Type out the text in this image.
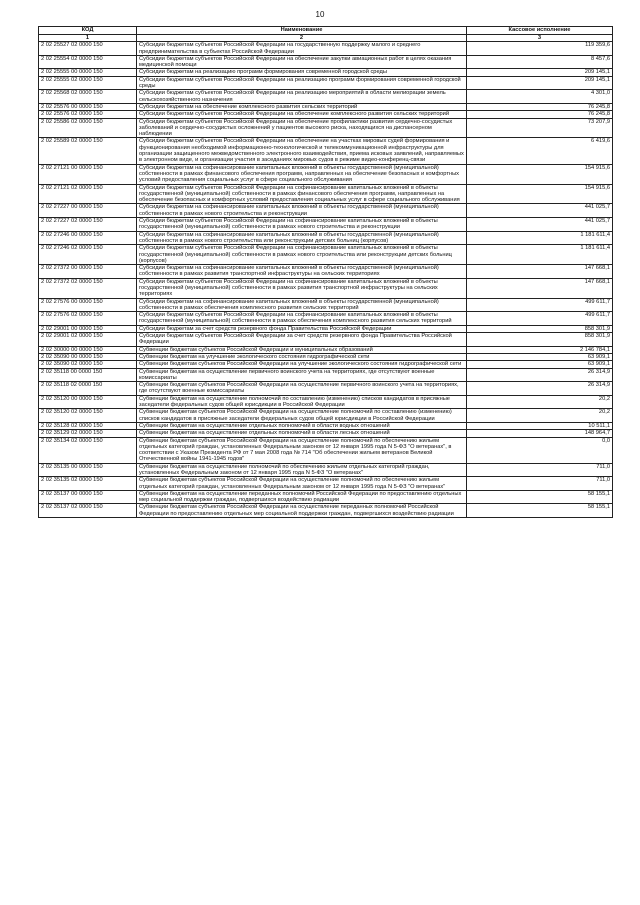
10
КОД	Наименование	Кассовое исполнение
1	2	3
2 02 25527 02 0000 150	Субсидии бюджетам субъектов Российской Федерации на государственную поддержку малого и среднего предпринимательства в субъектах Российской Федерации	119 359,6
2 02 25554 02 0000 150	Субсидии бюджетам субъектов Российской Федерации на обеспечение закупки авиационных работ в целях оказания медицинской помощи	8 457,6
2 02 25555 00 0000 150	Субсидии бюджетам на реализацию программ формирования современной городской среды	209 145,1
2 02 25555 02 0000 150	Субсидии бюджетам субъектов Российской Федерации на реализацию программ формирования современной городской среды	209 145,1
2 02 25568 02 0000 150	Субсидии бюджетам субъектов Российской Федерации на реализацию мероприятий в области мелиорации земель сельскохозяйственного назначения	4 301,0
2 02 25576 00 0000 150	Субсидии бюджетам на обеспечение комплексного развития сельских территорий	76 245,8
2 02 25576 02 0000 150	Субсидии бюджетам субъектов Российской Федерации на обеспечение комплексного развития сельских территорий	76 245,8
2 02 25586 02 0000 150	Субсидии бюджетам субъектов Российской Федерации на обеспечение профилактики развития сердечно-сосудистых заболеваний и сердечно-сосудистых осложнений у пациентов высокого риска, находящихся на диспансерном наблюдении	73 207,9
2 02 25589 02 0000 150	Субсидии бюджетам субъектов Российской Федерации на обеспечение на участках мировых судей формирования и функционирования необходимой информационно-технологической и телекоммуникационной инфраструктуры для организации защищенного межведомственного электронного взаимодействия, приема исковых заявлений, направляемых в электронном виде, и организации участия в заседаниях мировых судов в режиме видео-конференц-связи	6 419,6
2 02 27121 00 0000 150	Субсидии бюджетам на софинансирование капитальных вложений в объекты государственной (муниципальной) собственности в рамках финансового обеспечения программ, направленных на обеспечение безопасных и комфортных условий предоставления социальных услуг в сфере социального обслуживания	154 915,6
2 02 27121 02 0000 150	Субсидии бюджетам субъектов Российской Федерации на софинансирование капитальных вложений в объекты государственной (муниципальной) собственности в рамках финансового обеспечения программ, направленных на обеспечение безопасных и комфортных условий предоставления социальных услуг в сфере социального обслуживания	154 915,6
2 02 27227 00 0000 150	Субсидии бюджетам на софинансирование капитальных вложений в объекты государственной (муниципальной) собственности в рамках нового строительства и реконструкции	441 025,7
2 02 27227 02 0000 150	Субсидии бюджетам субъектов Российской Федерации на софинансирование капитальных вложений в объекты государственной (муниципальной) собственности в рамках нового строительства и реконструкции	441 025,7
2 02 27246 00 0000 150	Субсидии бюджетам на софинансирование капитальных вложений в объекты государственной (муниципальной) собственности в рамках нового строительства или реконструкции детских больниц (корпусов)	1 181 611,4
2 02 27246 02 0000 150	Субсидии бюджетам субъектов Российской Федерации на софинансирование капитальных вложений в объекты государственной (муниципальной) собственности в рамках нового строительства или реконструкции детских больниц (корпусов)	1 181 611,4
2 02 27372 00 0000 150	Субсидии бюджетам на софинансирование капитальных вложений в объекты государственной (муниципальной) собственности в рамках развития транспортной инфраструктуры на сельских территориях	147 668,1
2 02 27372 02 0000 150	Субсидии бюджетам субъектов Российской Федерации на софинансирование капитальных вложений в объекты государственной (муниципальной) собственности в рамках развития транспортной инфраструктуры на сельских территориях	147 668,1
2 02 27576 00 0000 150	Субсидии бюджетам на софинансирование капитальных вложений в объекты государственной (муниципальной) собственности в рамках обеспечения комплексного развития сельских территорий	499 611,7
2 02 27576 02 0000 150	Субсидии бюджетам субъектов Российской Федерации на софинансирование капитальных вложений в объекты государственной (муниципальной) собственности в рамках обеспечения комплексного развития сельских территорий	499 611,7
2 02 29001 00 0000 150	Субсидии бюджетам за счет средств резервного фонда Правительства Российской Федерации	858 301,9
2 02 29001 02 0000 150	Субсидии бюджетам субъектов Российской Федерации за счет средств резервного фонда Правительства Российской Федерации	858 301,9
2 02 30000 00 0000 150	Субвенции бюджетам субъектов Российской Федерации и муниципальных образований	2 146 784,1
2 02 35090 00 0000 150	Субвенции бюджетам на улучшение экологического состояния гидрографической сети	63 909,1
2 02 35090 02 0000 150	Субвенции бюджетам субъектов Российской Федерации на улучшение экологического состояния гидрографической сети	63 909,1
2 02 35118 00 0000 150	Субвенции бюджетам на осуществление первичного воинского учета на территориях, где отсутствуют военные комиссариаты	26 314,9
2 02 35118 02 0000 150	Субвенции бюджетам субъектов Российской Федерации на осуществление первичного воинского учета на территориях, где отсутствуют военные комиссариаты	26 314,9
2 02 35120 00 0000 150	Субвенции бюджетам на осуществление полномочий по составлению (изменению) списков кандидатов в присяжные заседатели федеральных судов общей юрисдикции в Российской Федерации	20,2
2 02 35120 02 0000 150	Субвенции бюджетам субъектов Российской Федерации на осуществление полномочий по составлению (изменению) списков кандидатов в присяжные заседатели федеральных судов общей юрисдикции в Российской Федерации	20,2
2 02 35128 02 0000 150	Субвенции бюджетам на осуществление отдельных полномочий в области водных отношений	10 511,1
2 02 35129 02 0000 150	Субвенции бюджетам на осуществление отдельных полномочий в области лесных отношений	148 964,7
2 02 35134 02 0000 150	Субвенции бюджетам субъектов Российской Федерации на осуществление полномочий по обеспечению жильем отдельных категорий граждан, установленных Федеральным законом от 12 января 1995 года N 5-ФЗ "О ветеранах", в соответствии с Указом Президента РФ от 7 мая 2008 года № 714 "Об обеспечении жильем ветеранов Великой Отечественной войны 1941-1945 годов"	0,0
2 02 35135 00 0000 150	Субвенции бюджетам на осуществление полномочий по обеспечению жильем отдельных категорий граждан, установленных Федеральным законом от 12 января 1995 года N 5-ФЗ "О ветеранах"	711,0
2 02 35135 02 0000 150	Субвенции бюджетам субъектов Российской Федерации на осуществление полномочий по обеспечению жильем отдельных категорий граждан, установленных Федеральным законом от 12 января 1995 года N 5-ФЗ "О ветеранах"	711,0
2 02 35137 00 0000 150	Субвенции бюджетам на осуществление переданных полномочий Российской Федерации по предоставлению отдельных мер социальной поддержки граждан, подвергшихся воздействию радиации	58 155,1
2 02 35137 02 0000 150	Субвенции бюджетам субъектов Российской Федерации на осуществление переданных полномочий Российской Федерации по предоставлению отдельных мер социальной поддержки граждан, подвергшихся воздействию радиации	58 155,1
